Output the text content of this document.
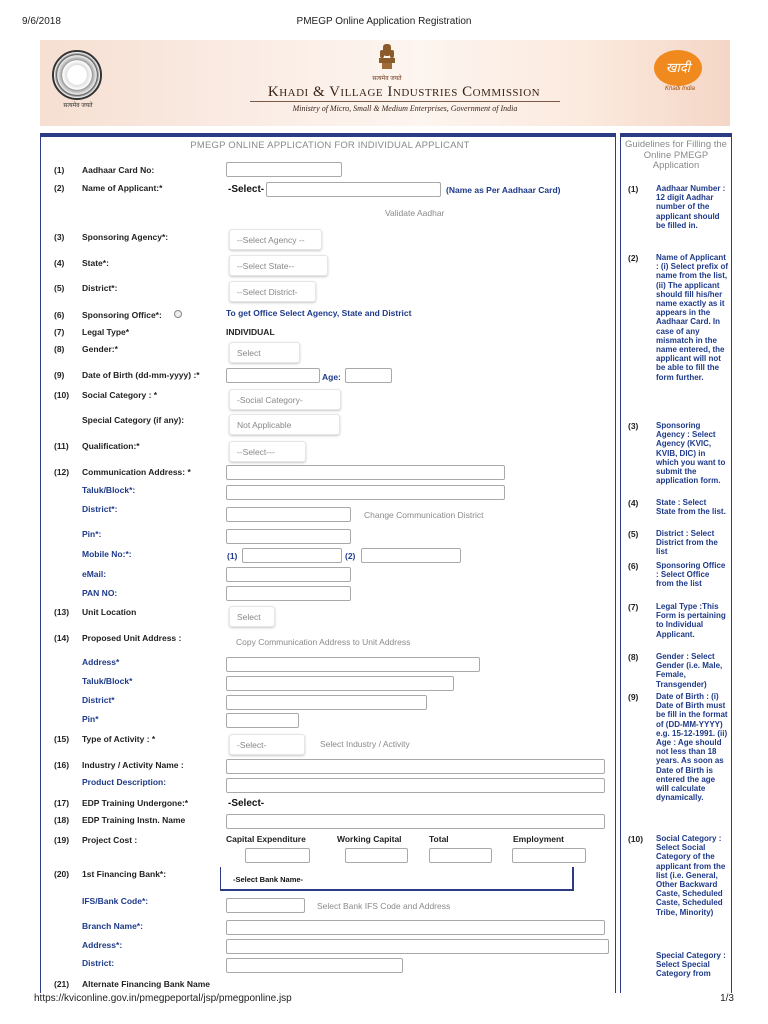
9/6/2018	PMEGP Online Application Registration
https://kviconline.gov.in/pmegpeportal/jsp/pmegponline.jsp	1/3
सत्यमेव जयते
सत्यमेव जयते
Khadi & Village Industries Commission
Ministry of Micro, Small & Medium Enterprises, Government of India
खादी
Khadi India
PMEGP ONLINE APPLICATION FOR INDIVIDUAL APPLICANT	Guidelines for Filling the Online PMEGP Application
(1) Aadhaar Card No:
(2) Name of Applicant:*	-Select-	(Name as Per Aadhaar Card)
Validate Aadhar
(3) Sponsoring Agency*:	--Select Agency --
(4) State*:	--Select State--
(5) District*:	--Select District-
(6) Sponsoring Office*:	To get Office Select Agency, State and District
(7) Legal Type*	INDIVIDUAL
(8) Gender:*	Select
(9) Date of Birth (dd-mm-yyyy) :*	Age:
(10) Social Category : *	-Social Category-
Special Category (if any):	Not Applicable
(11) Qualification:*
--Select---
(12) Communication Address: *
Taluk/Block*:
District*:
Change Communication District
Pin*:
Mobile No:*:	(1)	(2)
eMail:
PAN NO:
(13) Unit Location	Select
(14) Proposed Unit Address :	Copy Communication Address to Unit Address
Address*
Taluk/Block*
District*
Pin*
(15) Type of Activity : *
-Select-	Select Industry / Activity
(16) Industry / Activity Name :
Product Description:
(17) EDP Training Undergone:*	-Select-
(18) EDP Training Instn. Name
(19) Project Cost :	Capital Expenditure	Working Capital	Total	Employment
(20) 1st Financing Bank*:
-Select Bank Name-
IFS/Bank Code*:	Select Bank IFS Code and Address
Branch Name*:
Address*:
District:
(21) Alternate Financing Bank Name
(1) Aadhaar Number : 12 digit Aadhar number of the applicant should be filled in.
(2) Name of Applicant : (i) Select prefix of name from the list, (ii) The applicant should fill his/her name exactly as it appears in the Aadhaar Card. In case of any mismatch in the name entered, the applicant will not be able to fill the form further.
(3) Sponsoring Agency : Select Agency (KVIC, KVIB, DIC) in which you want to submit the application form.
(4) State : Select State from the list.
(5) District : Select District from the list
(6) Sponsoring Office : Select Office from the list
(7) Legal Type :This Form is pertaining to Individual Applicant.
(8) Gender : Select Gender (i.e. Male, Female, Transgender)
(9) Date of Birth : (i) Date of Birth must be fill in the format of (DD-MM-YYYY) e.g. 15-12-1991. (ii) Age : Age should not less than 18 years. As soon as Date of Birth is entered the age will calculate dynamically.
(10) Social Category : Select Social Category of the applicant from the list (i.e. General, Other Backward Caste, Scheduled Caste, Scheduled Tribe, Minority)
Special Category : Select Special Category from
